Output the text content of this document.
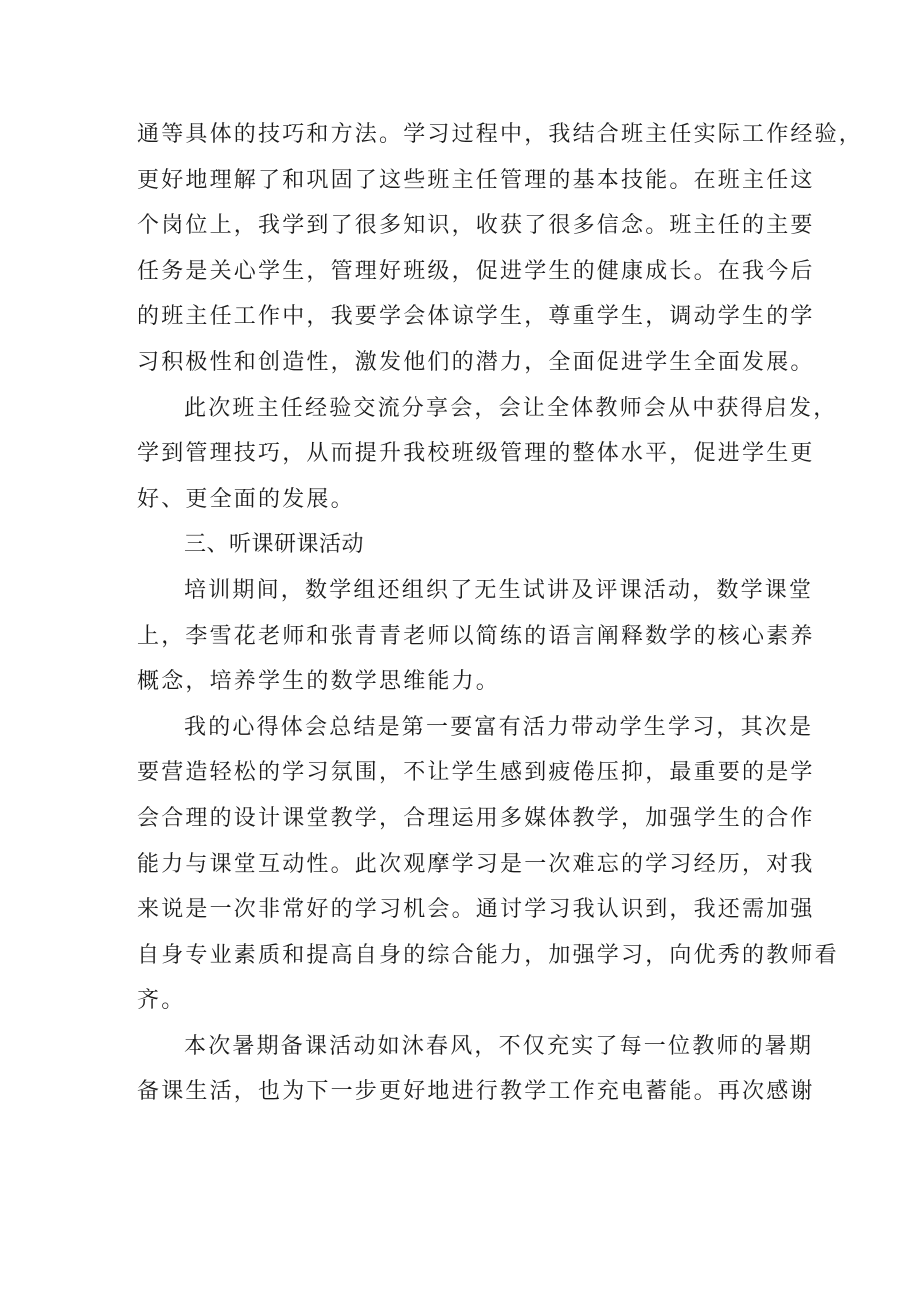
通等具体的技巧和方法。学习过程中，我结合班主任实际工作经验，
更好地理解了和巩固了这些班主任管理的基本技能。在班主任这
个岗位上，我学到了很多知识，收获了很多信念。班主任的主要
任务是关心学生，管理好班级，促进学生的健康成长。在我今后
的班主任工作中，我要学会体谅学生，尊重学生，调动学生的学
习积极性和创造性，激发他们的潜力，全面促进学生全面发展。
此次班主任经验交流分享会，会让全体教师会从中获得启发，
学到管理技巧，从而提升我校班级管理的整体水平，促进学生更
好、更全面的发展。
三、听课研课活动
培训期间，数学组还组织了无生试讲及评课活动，数学课堂
上，李雪花老师和张青青老师以简练的语言阐释数学的核心素养
概念，培养学生的数学思维能力。
我的心得体会总结是第一要富有活力带动学生学习，其次是
要营造轻松的学习氛围，不让学生感到疲倦压抑，最重要的是学
会合理的设计课堂教学，合理运用多媒体教学，加强学生的合作
能力与课堂互动性。此次观摩学习是一次难忘的学习经历，对我
来说是一次非常好的学习机会。通讨学习我认识到，我还需加强
自身专业素质和提高自身的综合能力，加强学习，向优秀的教师看
齐。
本次暑期备课活动如沐春风，不仅充实了每一位教师的暑期
备课生活，也为下一步更好地进行教学工作充电蓄能。再次感谢
